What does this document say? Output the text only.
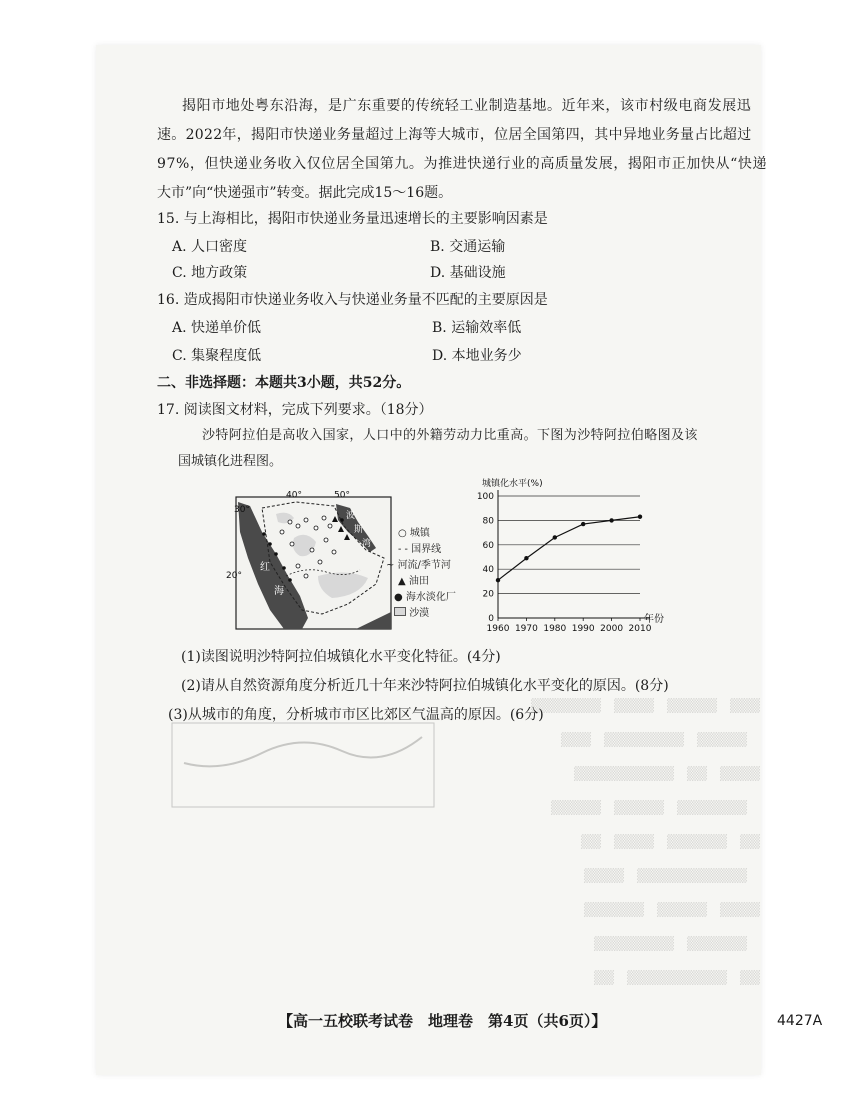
▒▒▒　▒▒▒▒▒　▒▒▒▒　▒▒▒▒▒▒▒
　▒▒▒▒▒　▒▒▒▒▒▒▒▒　▒▒▒
▒▒▒▒　▒▒　▒▒▒▒▒▒▒▒▒▒
　▒▒▒▒▒▒▒　▒▒▒▒▒　▒▒▒▒▒
▒▒　▒▒▒▒▒▒　▒▒▒▒　▒▒
　▒▒▒▒▒▒▒▒▒▒▒　▒▒▒▒
▒▒▒▒　▒▒▒▒▒　▒▒▒▒▒▒
　▒▒▒▒▒▒　▒▒▒▒▒▒▒▒
▒▒　▒▒▒▒▒▒▒▒▒▒　▒▒
揭阳市地处粤东沿海，是广东重要的传统轻工业制造基地。近年来，该市村级电商发展迅
速。2022年，揭阳市快递业务量超过上海等大城市，位居全国第四，其中异地业务量占比超过
97%，但快递业务收入仅位居全国第九。为推进快递行业的高质量发展，揭阳市正加快从“快递
大市”向“快递强市”转变。据此完成15～16题。
15. 与上海相比，揭阳市快递业务量迅速增长的主要影响因素是
A. 人口密度	B. 交通运输
C. 地方政策	D. 基础设施
16. 造成揭阳市快递业务收入与快递业务量不匹配的主要原因是
A. 快递单价低	B. 运输效率低
C. 集聚程度低	D. 本地业务少
二、非选择题：本题共3小题，共52分。
17. 阅读图文材料，完成下列要求。（18分）
沙特阿拉伯是高收入国家，人口中的外籍劳动力比重高。下图为沙特阿拉伯略图及该
国城镇化进程图。
40°	50°
30°
20°
红
海
波
斯
湾
○ 城镇
- - 国界线
~ 河流/季节河
▲ 油田
● 海水淡化厂
沙漠	0
20
40
60
80
100
1960 1970 1980 1990 2000 2010
城镇化水平(%)
年份
(1)读图说明沙特阿拉伯城镇化水平变化特征。(4分)
(2)请从自然资源角度分析近几十年来沙特阿拉伯城镇化水平变化的原因。(8分)
(3)从城市的角度，分析城市市区比郊区气温高的原因。(6分)
【高一五校联考试卷　地理卷　第4页（共6页）】	4427A
